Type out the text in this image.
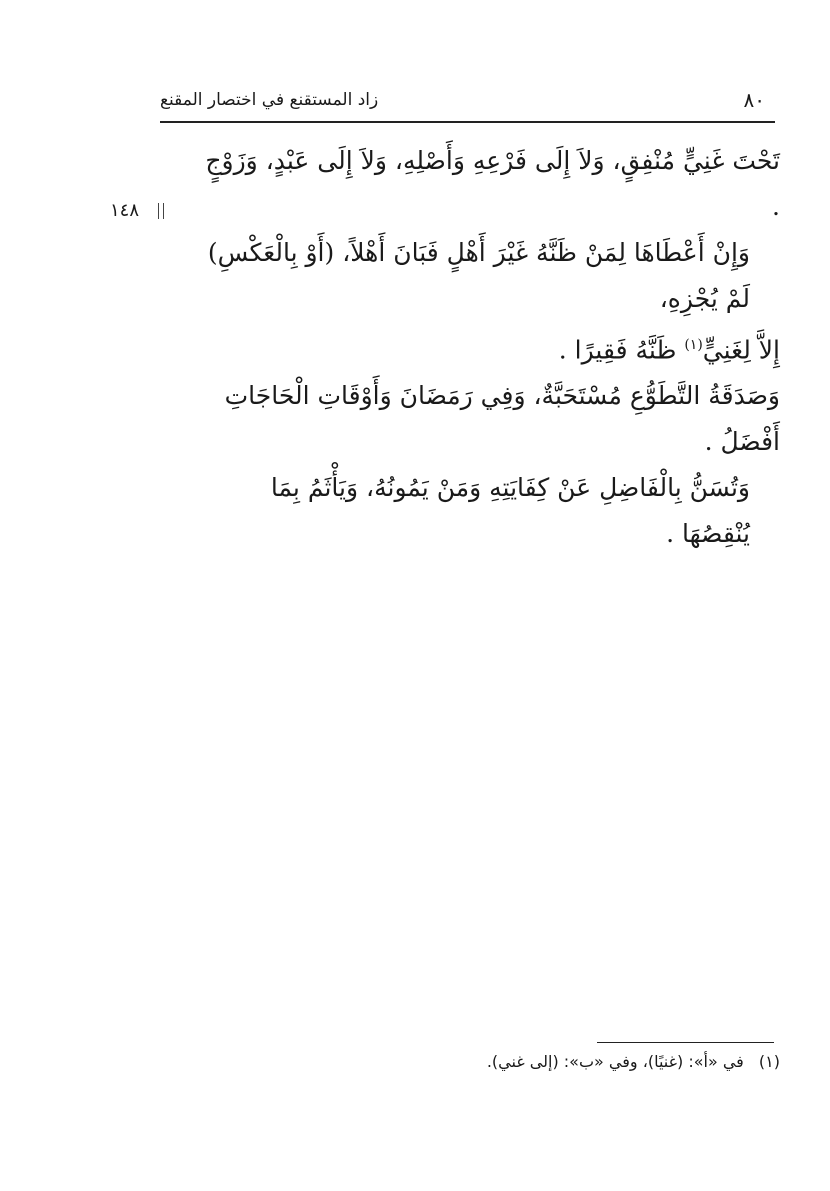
٨٠
زاد المستقنع في اختصار المقنع
١٤٨

تَحْتَ غَنِيٍّ مُنْفِقٍ، وَلاَ إِلَى فَرْعِهِ وَأَصْلِهِ، وَلاَ إِلَى عَبْدٍ، وَزَوْجٍ .

وَإِنْ أَعْطَاهَا لِمَنْ ظَنَّهُ غَيْرَ أَهْلٍ فَبَانَ أَهْلاً، (أَوْ بِالْعَكْسِ) لَمْ يُجْزِهِ،

إِلاَّ لِغَنِيٍّ$^{(١)}$ ظَنَّهُ فَقِيرًا .

وَصَدَقَةُ التَّطَوُّعِ مُسْتَحَبَّةٌ، وَفِي رَمَضَانَ وَأَوْقَاتِ الْحَاجَاتِ أَفْضَلُ .

وَتُسَنُّ بِالْفَاضِلِ عَنْ كِفَايَتِهِ وَمَنْ يَمُونُهُ، وَيَأْثَمُ بِمَا يُنْقِصُهَا .

(١) في «أ»: (غنيًا)، وفي «ب»: (إلى غني).
